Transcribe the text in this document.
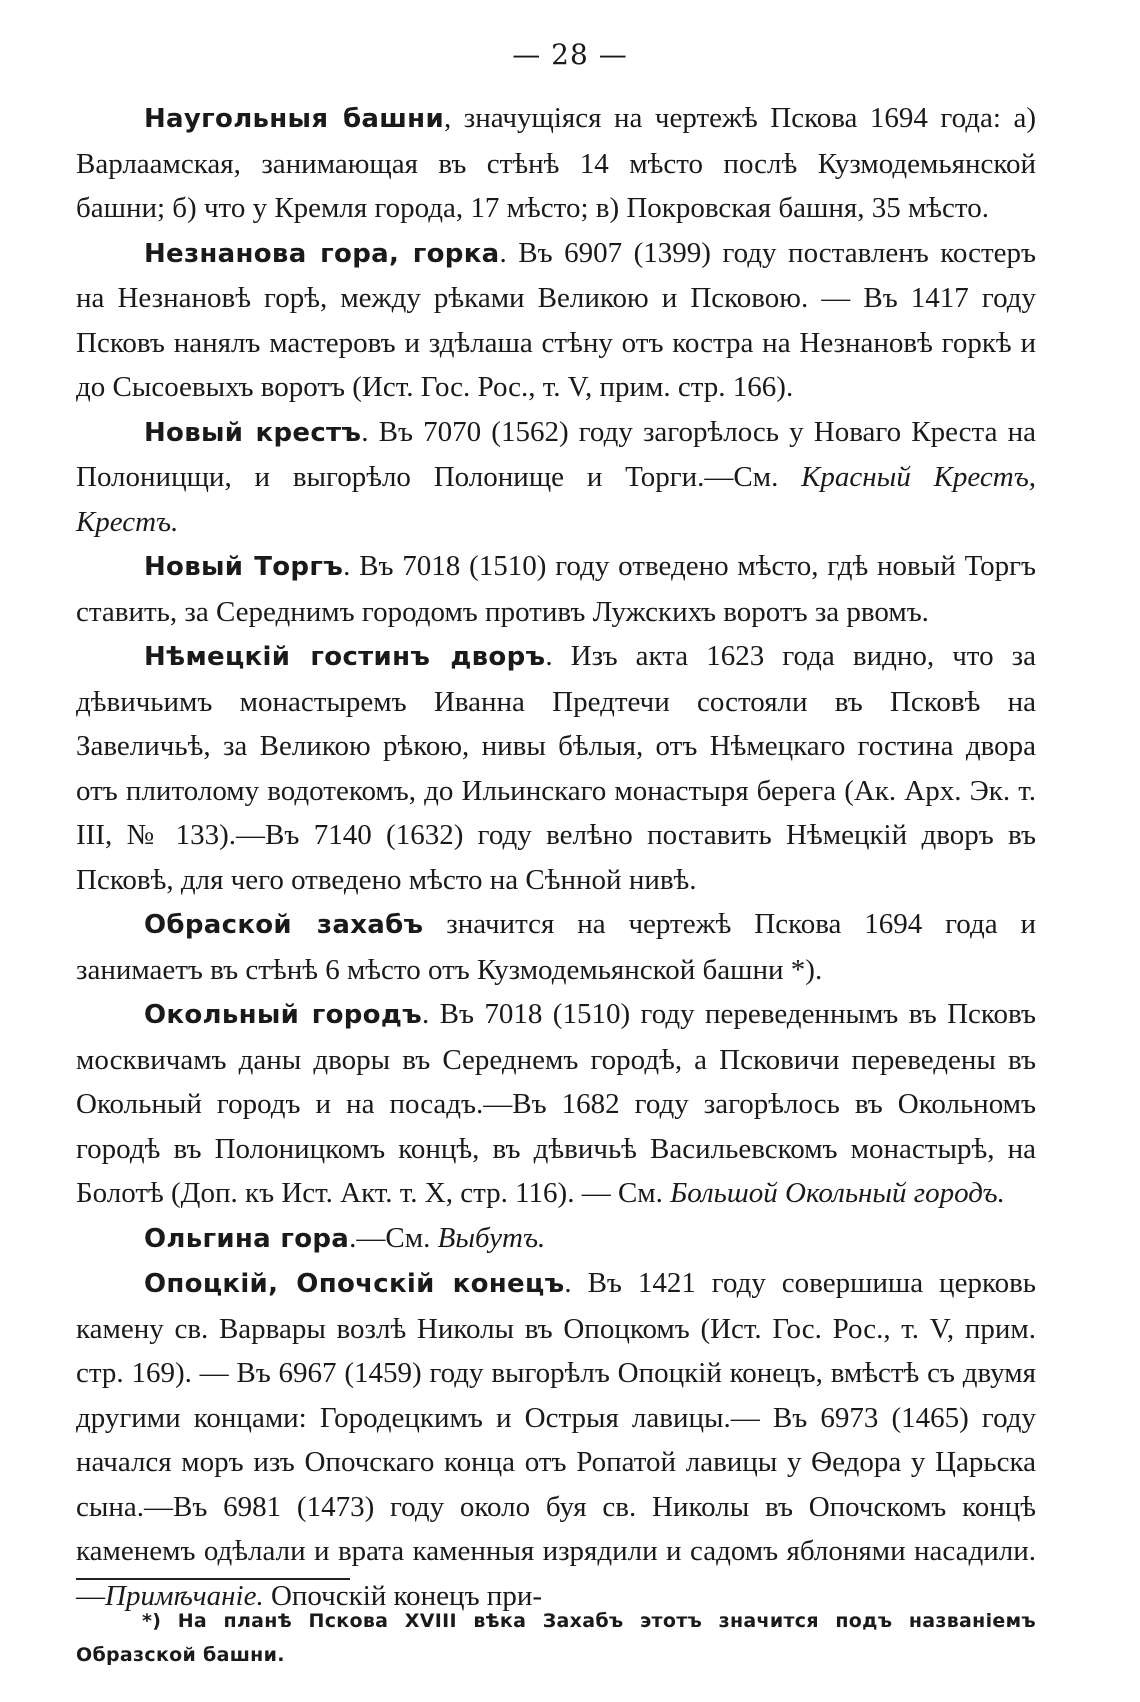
— 28 —

Наугольныя башни, значущiяся на чертежѣ Пскова 1694 года: а) Варлаамская, занимающая въ стѣнѣ 14 мѣсто послѣ Кузмодемьянской башни; б) что у Кремля города, 17 мѣсто; в) Покровская башня, 35 мѣсто.

Незнанова гора, горка. Въ 6907 (1399) году поставленъ костеръ на Незнановѣ горѣ, между рѣками Великою и Псковою. — Въ 1417 году Псковъ нанялъ мастеровъ и здѣлаша стѣну отъ костра на Незнановѣ горкѣ и до Сысоевыхъ воротъ (Ист. Гос. Рос., т. V, прим. стр. 166).

Новый крестъ. Въ 7070 (1562) году загорѣлось у Новаго Креста на Полоницщи, и выгорѣло Полонище и Торги.—См. Красный Крестъ, Крестъ.

Новый Торгъ. Въ 7018 (1510) году отведено мѣсто, гдѣ новый Торгъ ставить, за Середнимъ городомъ противъ Лужскихъ воротъ за рвомъ.

Нѣмецкiй гостинъ дворъ. Изъ акта 1623 года видно, что за дѣвичьимъ монастыремъ Иванна Предтечи состояли въ Псковѣ на Завеличьѣ, за Великою рѣкою, нивы бѣлыя, отъ Нѣмецкаго гостина двора отъ плитолому водотекомъ, до Ильинскаго монастыря берега (Ак. Арх. Эк. т. III, № 133).—Въ 7140 (1632) году велѣно поставить Нѣмецкiй дворъ въ Псковѣ, для чего отведено мѣсто на Сѣнной нивѣ.

Обраской захабъ значится на чертежѣ Пскова 1694 года и занимаетъ въ стѣнѣ 6 мѣсто отъ Кузмодемьянской башни *).

Окольный городъ. Въ 7018 (1510) году переведеннымъ въ Псковъ москвичамъ даны дворы въ Середнемъ городѣ, а Псковичи переведены въ Окольный городъ и на посадъ.—Въ 1682 году загорѣлось въ Окольномъ городѣ въ Полоницкомъ концѣ, въ дѣвичьѣ Васильевскомъ монастырѣ, на Болотѣ (Доп. къ Ист. Акт. т. X, стр. 116). — См. Большой Окольный городъ.

Ольгина гора.—См. Выбутъ.

Опоцкiй, Опочскiй конецъ. Въ 1421 году совершиша церковь камену св. Варвары возлѣ Николы въ Опоцкомъ (Ист. Гос. Рос., т. V, прим. стр. 169). — Въ 6967 (1459) году выгорѣлъ Опоцкiй конецъ, вмѣстѣ съ двумя другими концами: Городецкимъ и Острыя лавицы.— Въ 6973 (1465) году начался моръ изъ Опочскаго конца отъ Ропатой лавицы у Ѳедора у Царьска сына.—Въ 6981 (1473) году около буя св. Николы въ Опочскомъ концѣ каменемъ одѣлали и врата каменныя изрядили и садомъ яблонями насадили.—Примѣчанiе. Опочскiй конецъ при-

*) На планѣ Пскова XVIII вѣка Захабъ этотъ значится подъ названiемъ Образской башни.
